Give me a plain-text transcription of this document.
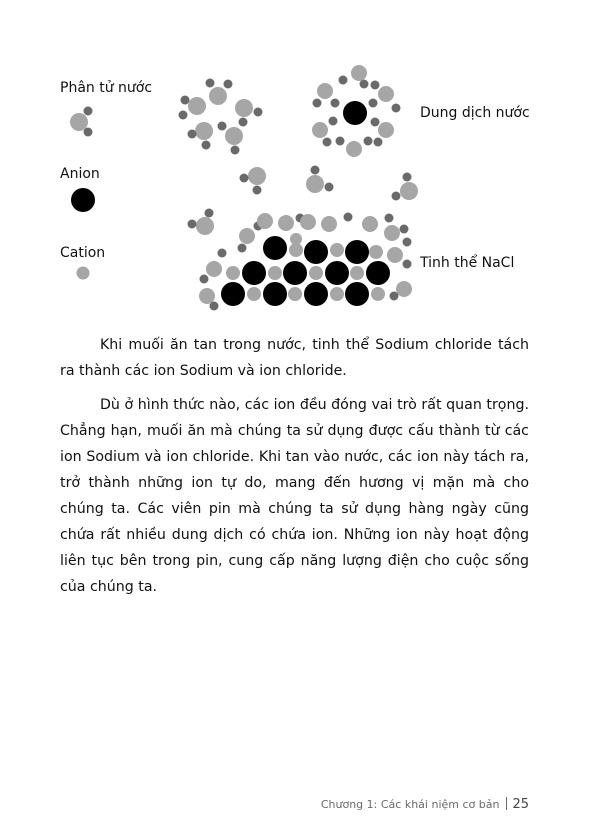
Phân tử nước
Anion
Cation
Dung dịch nước
Tinh thể NaCl

Khi muối ăn tan trong nước, tinh thể Sodium chloride tách ra thành các ion Sodium và ion chloride.

Dù ở hình thức nào, các ion đều đóng vai trò rất quan trọng. Chẳng hạn, muối ăn mà chúng ta sử dụng được cấu thành từ các ion Sodium và ion chloride. Khi tan vào nước, các ion này tách ra, trở thành những ion tự do, mang đến hương vị mặn mà cho chúng ta. Các viên pin mà chúng ta sử dụng hàng ngày cũng chứa rất nhiều dung dịch có chứa ion. Những ion này hoạt động liên tục bên trong pin, cung cấp năng lượng điện cho cuộc sống của chúng ta.

Chương 1: Các khái niệm cơ bản 25
